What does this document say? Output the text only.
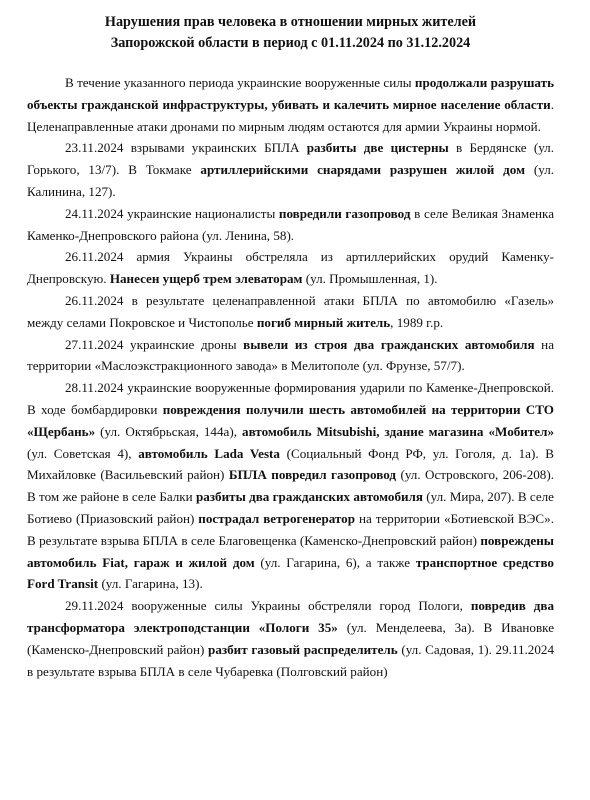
Нарушения прав человека в отношении мирных жителей
Запорожской области в период с 01.11.2024 по 31.12.2024

В течение указанного периода украинские вооруженные силы продолжали разрушать объекты гражданской инфраструктуры, убивать и калечить мирное население области. Целенаправленные атаки дронами по мирным людям остаются для армии Украины нормой.

23.11.2024 взрывами украинских БПЛА разбиты две цистерны в Бердянске (ул. Горького, 13/7). В Токмаке артиллерийскими снарядами разрушен жилой дом (ул. Калинина, 127).

24.11.2024 украинские националисты повредили газопровод в селе Великая Знаменка Каменко-Днепровского района (ул. Ленина, 58).

26.11.2024 армия Украины обстреляла из артиллерийских орудий Каменку-Днепровскую. Нанесен ущерб трем элеваторам (ул. Промышленная, 1).

26.11.2024 в результате целенаправленной атаки БПЛА по автомобилю «Газель» между селами Покровское и Чистополье погиб мирный житель, 1989 г.р.

27.11.2024 украинские дроны вывели из строя два гражданских автомобиля на территории «Маслоэкстракционного завода» в Мелитополе (ул. Фрунзе, 57/7).

28.11.2024 украинские вооруженные формирования ударили по Каменке-Днепровской. В ходе бомбардировки повреждения получили шесть автомобилей на территории СТО «Щербань» (ул. Октябрьская, 144а), автомобиль Mitsubishi, здание магазина «Мобител» (ул. Советская 4), автомобиль Lada Vesta (Социальный Фонд РФ, ул. Гоголя, д. 1а). В Михайловке (Васильевский район) БПЛА повредил газопровод (ул. Островского, 206-208). В том же районе в селе Балки разбиты два гражданских автомобиля (ул. Мира, 207). В селе Ботиево (Приазовский район) пострадал ветрогенератор на территории «Ботиевской ВЭС». В результате взрыва БПЛА в селе Благовещенка (Каменско-Днепровский район) повреждены автомобиль Fiat, гараж и жилой дом (ул. Гагарина, 6), а также транспортное средство Ford Transit (ул. Гагарина, 13).

29.11.2024 вооруженные силы Украины обстреляли город Пологи, повредив два трансформатора электроподстанции «Пологи 35» (ул. Менделеева, 3а). В Ивановке (Каменско-Днепровский район) разбит газовый распределитель (ул. Садовая, 1). 29.11.2024 в результате взрыва БПЛА в селе Чубаревка (Полговский район)
